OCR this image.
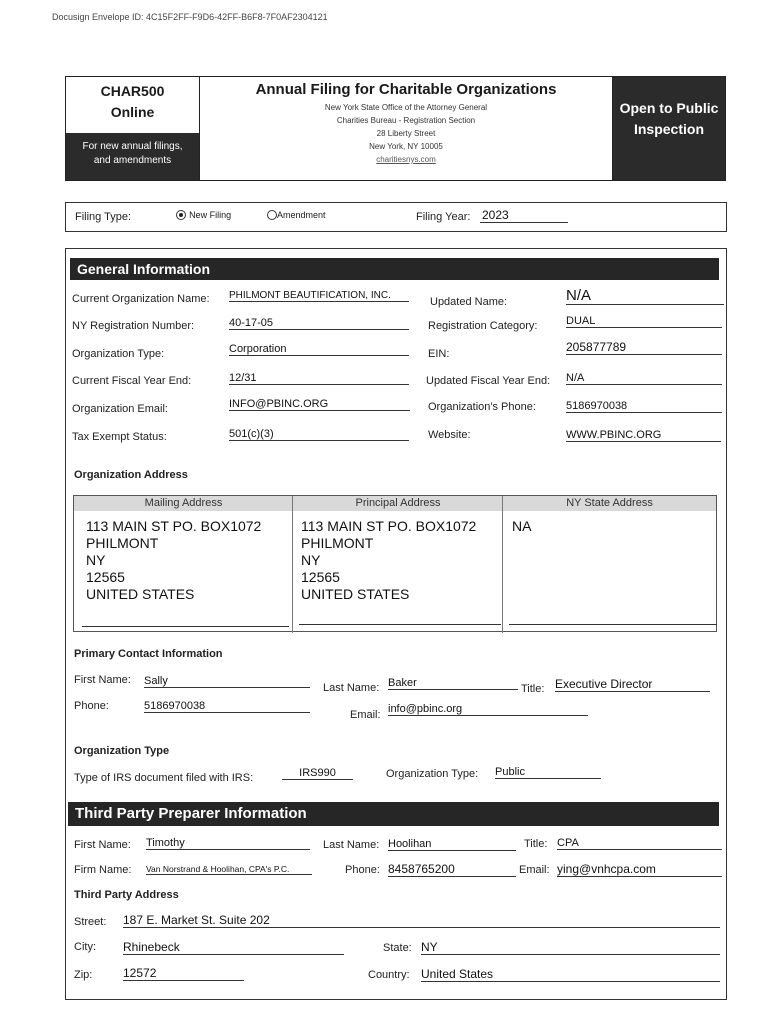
Docusign Envelope ID: 4C15F2FF-F9D6-42FF-B6F8-7F0AF2304121
CHAR500
Online
For new annual filings,
and amendments
Annual Filing for Charitable Organizations
New York State Office of the Attorney General
Charities Bureau - Registration Section
28 Liberty Street
New York, NY 10005
charitiesnys.com
Open to Public
Inspection
Filing Type:	New Filing	Amendment	Filing Year: 2023
General Information
Current Organization Name: PHILMONT BEAUTIFICATION, INC.
Updated Name:	N/A
NY Registration Number:	40-17-05	Registration Category:	DUAL
Organization Type:	Corporation	EIN:	205877789
Current Fiscal Year End:	12/31	Updated Fiscal Year End: N/A
Organization Email:	INFO@PBINC.ORG	Organization's Phone:	5186970038
Tax Exempt Status:	501(c)(3)	Website:	WWW.PBINC.ORG
Organization Address
Mailing Address	Principal Address	NY State Address
113 MAIN ST PO. BOX1072
PHILMONT
NY
12565
UNITED STATES
113 MAIN ST PO. BOX1072
PHILMONT
NY
12565
UNITED STATES
NA
Primary Contact Information
First Name: Sally
Last Name: Baker	Title: Executive Director
Phone:	5186970038
Email: info@pbinc.org
Organization Type
Type of IRS document filed with IRS:	IRS990	Organization Type: Public
Third Party Preparer Information
First Name: Timothy	Last Name: Hoolihan	Title: CPA
Firm Name: Van Norstrand & Hoolihan, CPA's P.C.	Phone: 8458765200	Email: ying@vnhcpa.com
Third Party Address
Street: 187 E. Market St. Suite 202
City: Rhinebeck	State: NY
Zip:	12572	Country: United States
